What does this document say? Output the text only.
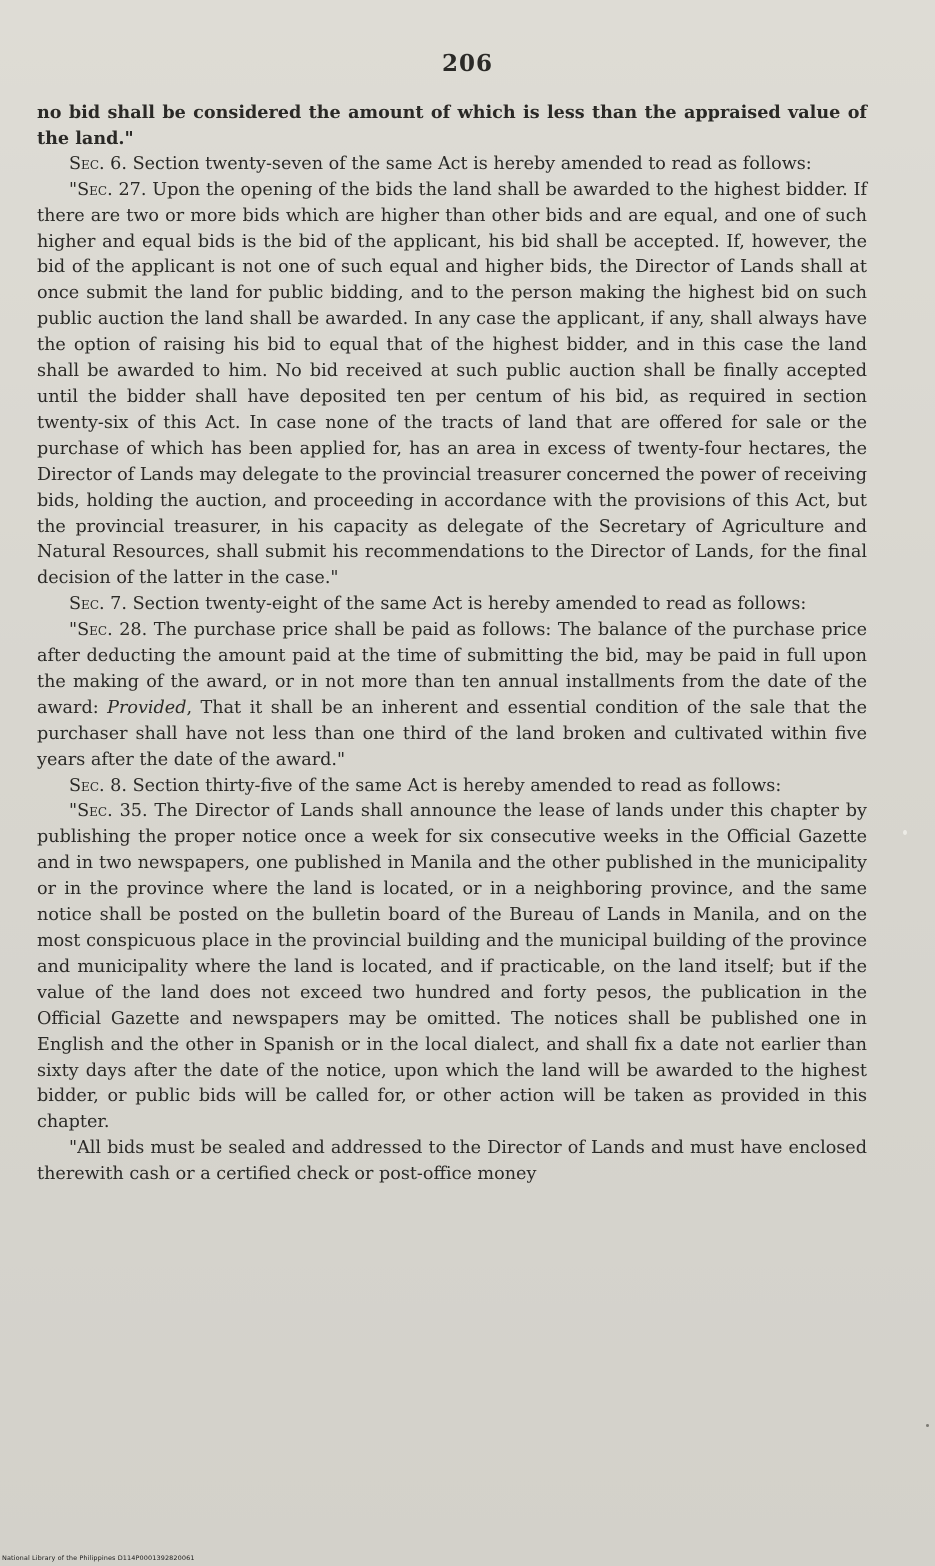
206

no bid shall be considered the amount of which is less than the appraised value of the land."

Sec. 6. Section twenty-seven of the same Act is hereby amended to read as follows:

"Sec. 27. Upon the opening of the bids the land shall be awarded to the highest bidder. If there are two or more bids which are higher than other bids and are equal, and one of such higher and equal bids is the bid of the applicant, his bid shall be accepted. If, however, the bid of the applicant is not one of such equal and higher bids, the Director of Lands shall at once submit the land for public bidding, and to the person making the highest bid on such public auction the land shall be awarded. In any case the applicant, if any, shall always have the option of raising his bid to equal that of the highest bidder, and in this case the land shall be awarded to him. No bid received at such public auction shall be finally accepted until the bidder shall have deposited ten per centum of his bid, as required in section twenty-six of this Act. In case none of the tracts of land that are offered for sale or the purchase of which has been applied for, has an area in excess of twenty-four hectares, the Director of Lands may delegate to the provincial treasurer concerned the power of receiving bids, holding the auction, and proceeding in accordance with the provisions of this Act, but the provincial treasurer, in his capacity as delegate of the Secretary of Agriculture and Natural Resources, shall submit his recommendations to the Director of Lands, for the final decision of the latter in the case."

Sec. 7. Section twenty-eight of the same Act is hereby amended to read as follows:

"Sec. 28. The purchase price shall be paid as follows: The balance of the purchase price after deducting the amount paid at the time of submitting the bid, may be paid in full upon the making of the award, or in not more than ten annual installments from the date of the award: Provided, That it shall be an inherent and essential condition of the sale that the purchaser shall have not less than one third of the land broken and cultivated within five years after the date of the award."

Sec. 8. Section thirty-five of the same Act is hereby amended to read as follows:

"Sec. 35. The Director of Lands shall announce the lease of lands under this chapter by publishing the proper notice once a week for six consecutive weeks in the Official Gazette and in two newspapers, one published in Manila and the other published in the municipality or in the province where the land is located, or in a neighboring province, and the same notice shall be posted on the bulletin board of the Bureau of Lands in Manila, and on the most conspicuous place in the provincial building and the municipal building of the province and municipality where the land is located, and if practicable, on the land itself; but if the value of the land does not exceed two hundred and forty pesos, the publication in the Official Gazette and newspapers may be omitted. The notices shall be published one in English and the other in Spanish or in the local dialect, and shall fix a date not earlier than sixty days after the date of the notice, upon which the land will be awarded to the highest bidder, or public bids will be called for, or other action will be taken as provided in this chapter.

"All bids must be sealed and addressed to the Director of Lands and must have enclosed therewith cash or a certified check or post-office money

National Library of the Philippines D114P0001392820061
